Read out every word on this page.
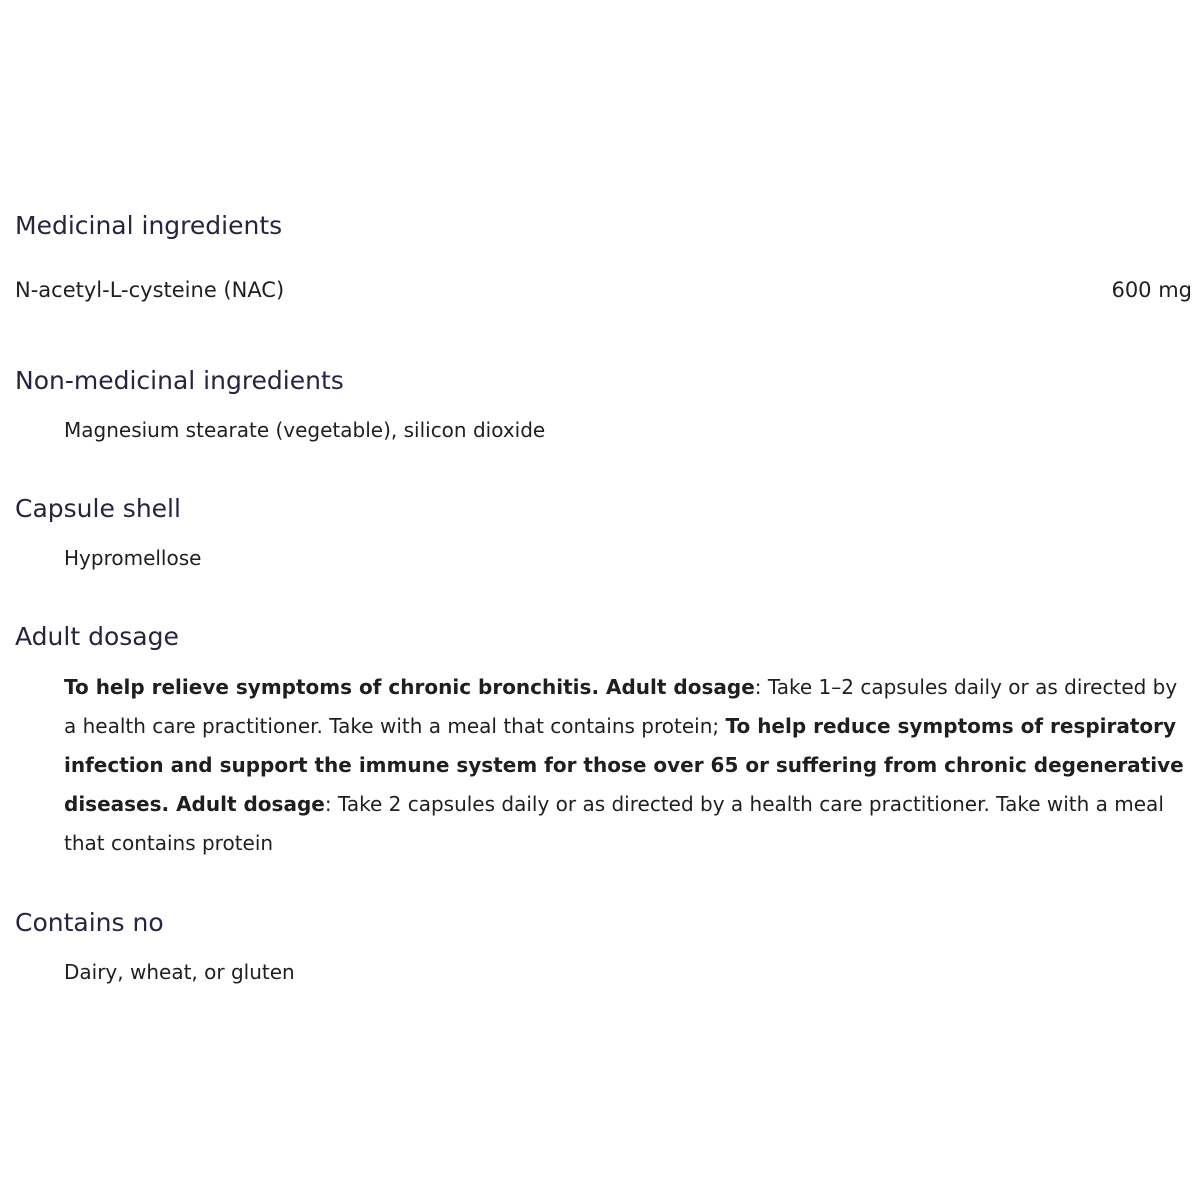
Medicinal ingredients
N-acetyl-L-cysteine (NAC)	600 mg
Non-medicinal ingredients

Magnesium stearate (vegetable), silicon dioxide

Capsule shell

Hypromellose

Adult dosage

To help relieve symptoms of chronic bronchitis. Adult dosage: Take 1–2 capsules daily or as directed by a health care practitioner. Take with a meal that contains protein; To help reduce symptoms of respiratory infection and support the immune system for those over 65 or suffering from chronic degenerative diseases. Adult dosage: Take 2 capsules daily or as directed by a health care practitioner. Take with a meal that contains protein

Contains no

Dairy, wheat, or gluten
